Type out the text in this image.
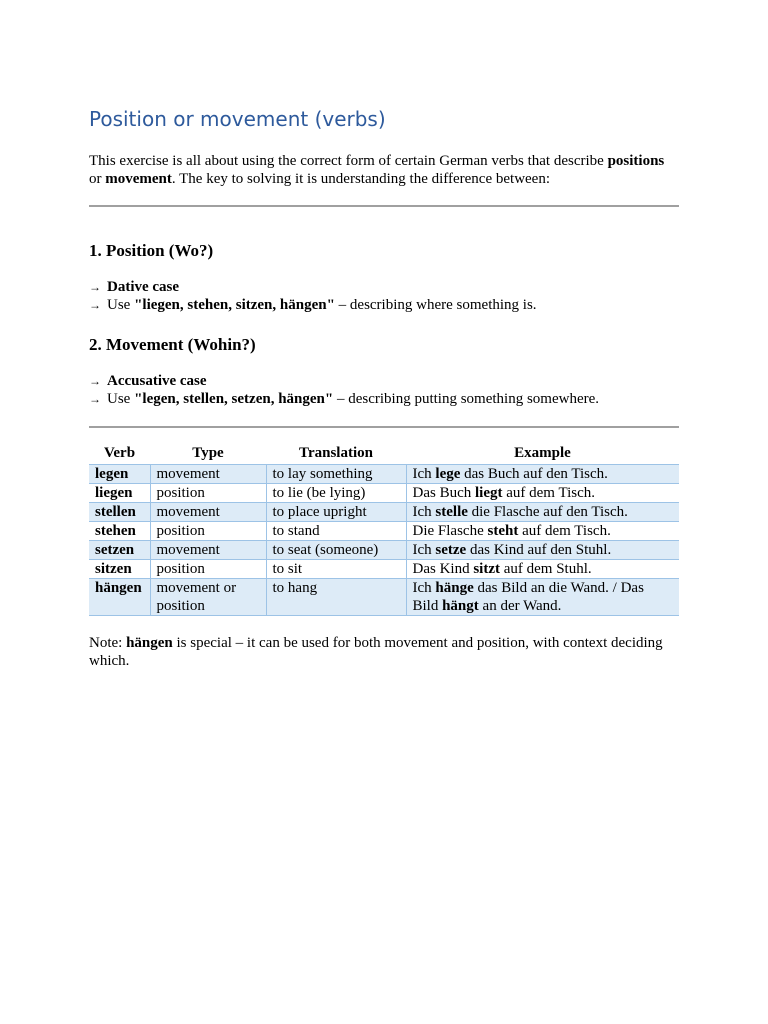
Position or movement (verbs)

This exercise is all about using the correct form of certain German verbs that describe positions or movement. The key to solving it is understanding the difference between:

1. Position (Wo?)
→ Dative case
→ Use "liegen, stehen, sitzen, hängen" – describing where something is.
2. Movement (Wohin?)
→ Accusative case
→ Use "legen, stellen, setzen, hängen" – describing putting something somewhere.
Verb	Type	Translation	Example
legen	movement	to lay something	Ich lege das Buch auf den Tisch.
liegen	position	to lie (be lying)	Das Buch liegt auf dem Tisch.
stellen	movement	to place upright	Ich stelle die Flasche auf den Tisch.
stehen	position	to stand	Die Flasche steht auf dem Tisch.
setzen	movement	to seat (someone)	Ich setze das Kind auf den Stuhl.
sitzen	position	to sit	Das Kind sitzt auf dem Stuhl.
hängen	movement or position	to hang	Ich hänge das Bild an die Wand. / Das Bild hängt an der Wand.

Note: hängen is special – it can be used for both movement and position, with context deciding which.
